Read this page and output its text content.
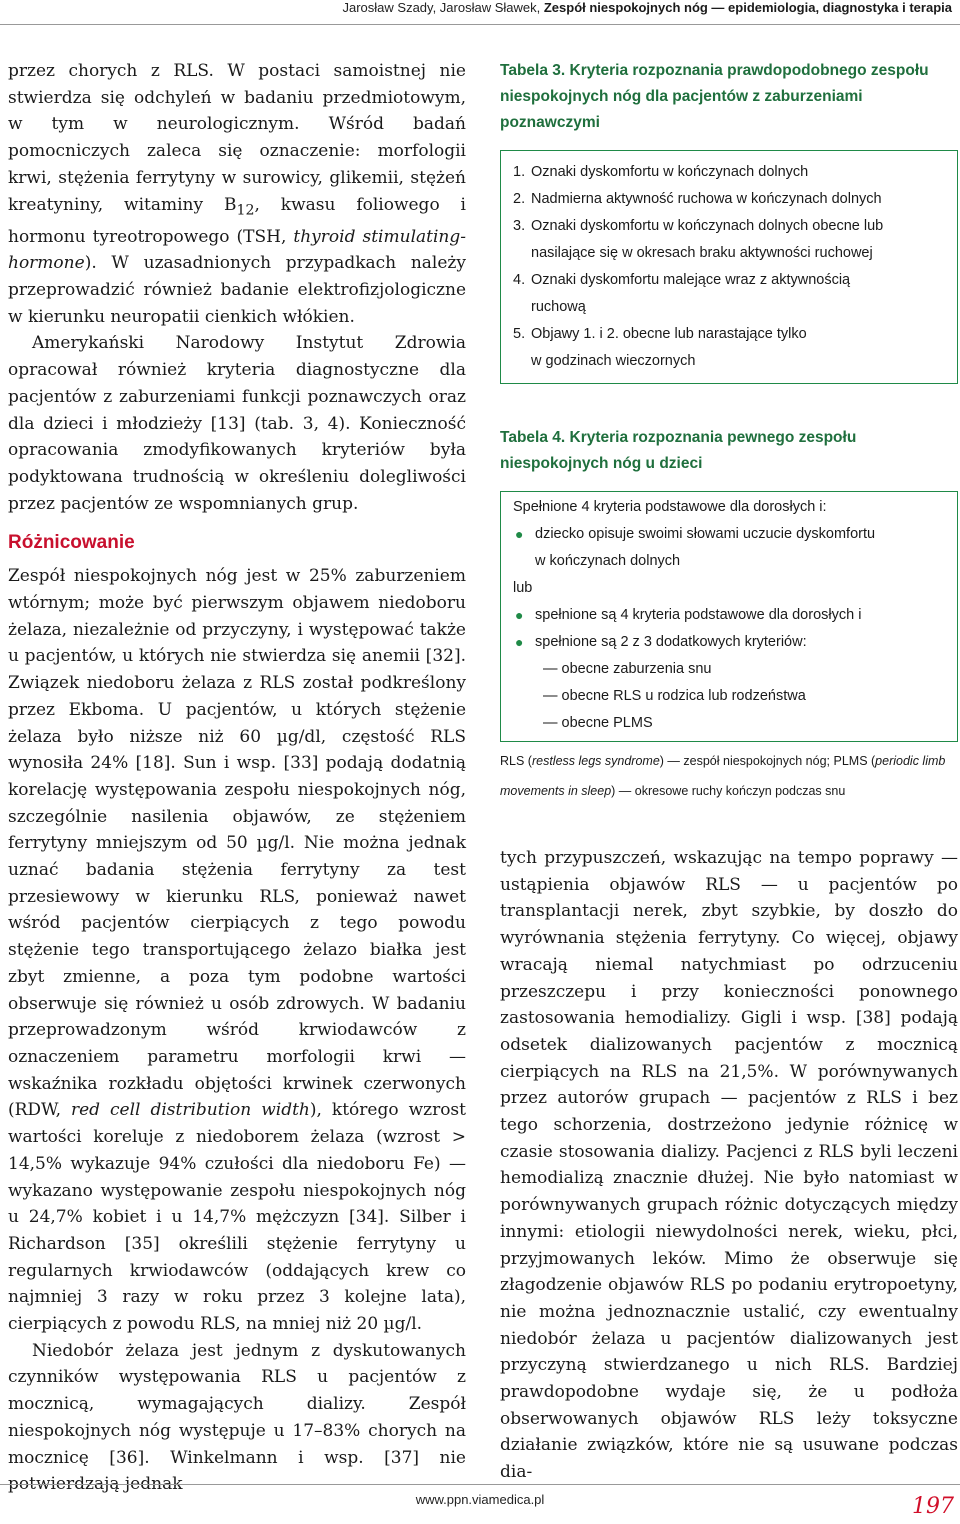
Jarosław Szady, Jarosław Sławek, Zespół niespokojnych nóg — epidemiologia, diagnostyka i terapia

przez chorych z RLS. W postaci samoistnej nie stwierdza się odchyleń w badaniu przedmiotowym, w tym w neurologicznym. Wśród badań pomocniczych zaleca się oznaczenie: morfologii krwi, stężenia ferrytyny w surowicy, glikemii, stężeń kreatyniny, witaminy $B_{12}$, kwasu foliowego i hormonu tyreotropowego (TSH, thyroid stimulating-hormone). W uzasadnionych przypadkach należy przeprowadzić również badanie elektrofizjologiczne w kierunku neuropatii cienkich włókien.

Amerykański Narodowy Instytut Zdrowia opracował również kryteria diagnostyczne dla pacjentów z zaburzeniami funkcji poznawczych oraz dla dzieci i młodzieży [13] (tab. 3, 4). Konieczność opracowania zmodyfikowanych kryteriów była podyktowana trudnością w określeniu dolegliwości przez pacjentów ze wspomnianych grup.

Różnicowanie

Zespół niespokojnych nóg jest w 25% zaburzeniem wtórnym; może być pierwszym objawem niedoboru żelaza, niezależnie od przyczyny, i występować także u pacjentów, u których nie stwierdza się anemii [32]. Związek niedoboru żelaza z RLS został podkreślony przez Ekboma. U pacjentów, u których stężenie żelaza było niższe niż 60 µg/dl, częstość RLS wynosiła 24% [18]. Sun i wsp. [33] podają dodatnią korelację występowania zespołu niespokojnych nóg, szczególnie nasilenia objawów, ze stężeniem ferrytyny mniejszym od 50 µg/l. Nie można jednak uznać badania stężenia ferrytyny za test przesiewowy w kierunku RLS, ponieważ nawet wśród pacjentów cierpiących z tego powodu stężenie tego transportującego żelazo białka jest zbyt zmienne, a poza tym podobne wartości obserwuje się również u osób zdrowych. W badaniu przeprowadzonym wśród krwiodawców z oznaczeniem parametru morfologii krwi — wskaźnika rozkładu objętości krwinek czerwonych (RDW, red cell distribution width), którego wzrost wartości koreluje z niedoborem żelaza (wzrost > 14,5% wykazuje 94% czułości dla niedoboru Fe) — wykazano występowanie zespołu niespokojnych nóg u 24,7% kobiet i u 14,7% mężczyzn [34]. Silber i Richardson [35] określili stężenie ferrytyny u regularnych krwiodawców (oddających krew co najmniej 3 razy w roku przez 3 kolejne lata), cierpiących z powodu RLS, na mniej niż 20 µg/l.

Niedobór żelaza jest jednym z dyskutowanych czynników występowania RLS u pacjentów z mocznicą, wymagających dializy. Zespół niespokojnych nóg występuje u 17–83% chorych na mocznicę [36]. Winkelmann i wsp. [37] nie potwierdzają jednak

Tabela 3. Kryteria rozpoznania prawdopodobnego zespołu niespokojnych nóg dla pacjentów z zaburzeniami poznawczymi

1. Oznaki dyskomfortu w kończynach dolnych
2. Nadmierna aktywność ruchowa w kończynach dolnych
3. Oznaki dyskomfortu w kończynach dolnych obecne lub
nasilające się w okresach braku aktywności ruchowej
4. Oznaki dyskomfortu malejące wraz z aktywnością
ruchową
5. Objawy 1. i 2. obecne lub narastające tylko
w godzinach wieczornych

Tabela 4. Kryteria rozpoznania pewnego zespołu niespokojnych nóg u dzieci

Spełnione 4 kryteria podstawowe dla dorosłych i:
● dziecko opisuje swoimi słowami uczucie dyskomfortu
w kończynach dolnych
lub
● spełnione są 4 kryteria podstawowe dla dorosłych i
● spełnione są 2 z 3 dodatkowych kryteriów:
— obecne zaburzenia snu
— obecne RLS u rodzica lub rodzeństwa
— obecne PLMS

RLS (restless legs syndrome) — zespół niespokojnych nóg; PLMS (periodic limb movements in sleep) — okresowe ruchy kończyn podczas snu

tych przypuszczeń, wskazując na tempo poprawy — ustąpienia objawów RLS — u pacjentów po transplantacji nerek, zbyt szybkie, by doszło do wyrównania stężenia ferrytyny. Co więcej, objawy wracają niemal natychmiast po odrzuceniu przeszczepu i przy konieczności ponownego zastosowania hemodializy. Gigli i wsp. [38] podają odsetek dializowanych pacjentów z mocznicą cierpiących na RLS na 21,5%. W porównywanych przez autorów grupach — pacjentów z RLS i bez tego schorzenia, dostrzeżono jedynie różnicę w czasie stosowania dializy. Pacjenci z RLS byli leczeni hemodializą znacznie dłużej. Nie było natomiast w porównywanych grupach różnic dotyczących między innymi: etiologii niewydolności nerek, wieku, płci, przyjmowanych leków. Mimo że obserwuje się złagodzenie objawów RLS po podaniu erytropoetyny, nie można jednoznacznie ustalić, czy ewentualny niedobór żelaza u pacjentów dializowanych jest przyczyną stwierdzanego u nich RLS. Bardziej prawdopodobne wydaje się, że u podłoża obserwowanych objawów RLS leży toksyczne działanie związków, które nie są usuwane podczas dia-

www.ppn.viamedica.pl	197
